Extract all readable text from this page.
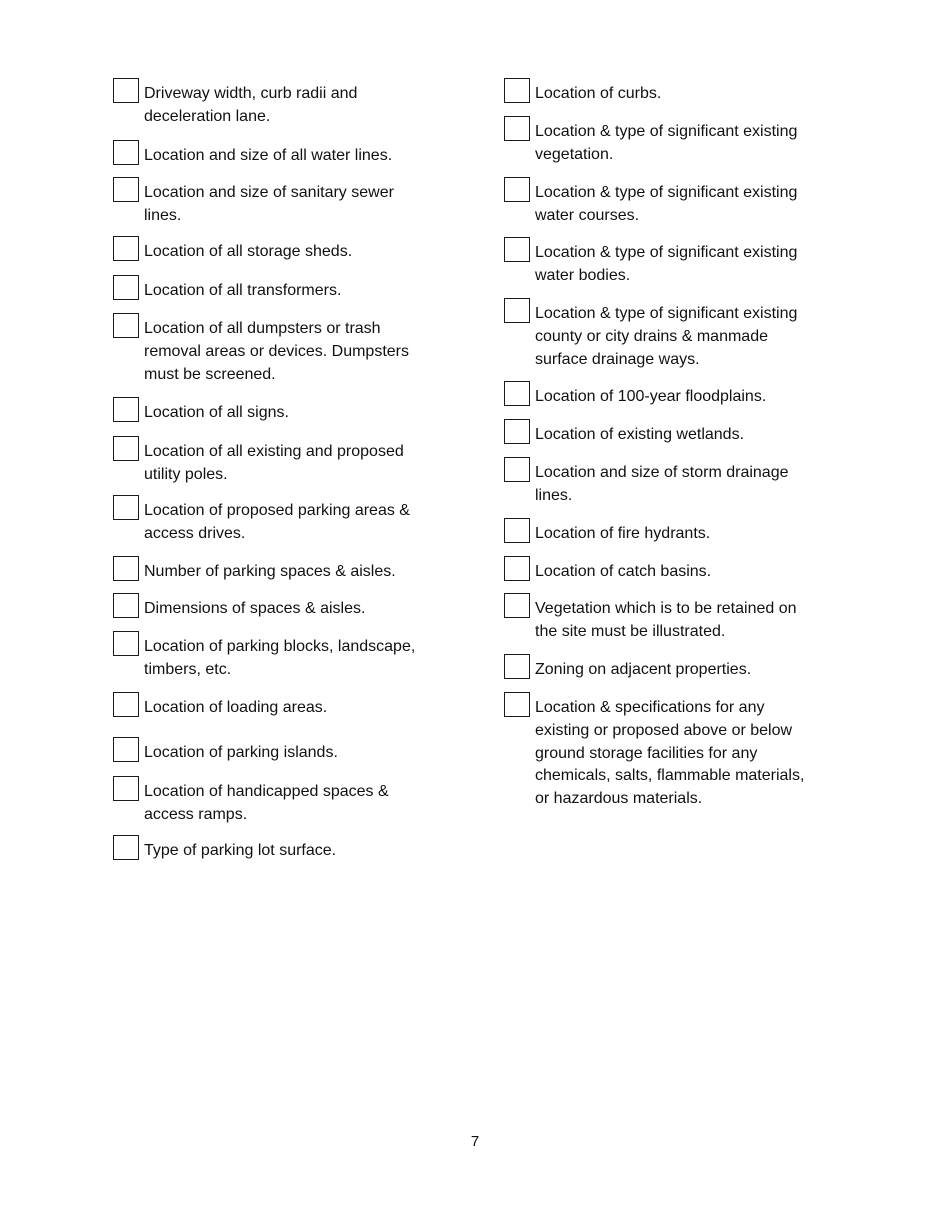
Driveway width, curb radii and
deceleration lane.
Location and size of all water lines.
Location and size of sanitary sewer
lines.
Location of all storage sheds.
Location of all transformers.
Location of all dumpsters or trash
removal areas or devices. Dumpsters
must be screened.
Location of all signs.
Location of all existing and proposed
utility poles.
Location of proposed parking areas &
access drives.
Number of parking spaces & aisles.
Dimensions of spaces & aisles.
Location of parking blocks, landscape,
timbers, etc.
Location of loading areas.
Location of parking islands.
Location of handicapped spaces &
access ramps.
Type of parking lot surface.
Location of curbs.
Location & type of significant existing
vegetation.
Location & type of significant existing
water courses.
Location & type of significant existing
water bodies.
Location & type of significant existing
county or city drains & manmade
surface drainage ways.
Location of 100-year floodplains.
Location of existing wetlands.
Location and size of storm drainage
lines.
Location of fire hydrants.
Location of catch basins.
Vegetation which is to be retained on
the site must be illustrated.
Zoning on adjacent properties.
Location & specifications for any
existing or proposed above or below
ground storage facilities for any
chemicals, salts, flammable materials,
or hazardous materials.
7
